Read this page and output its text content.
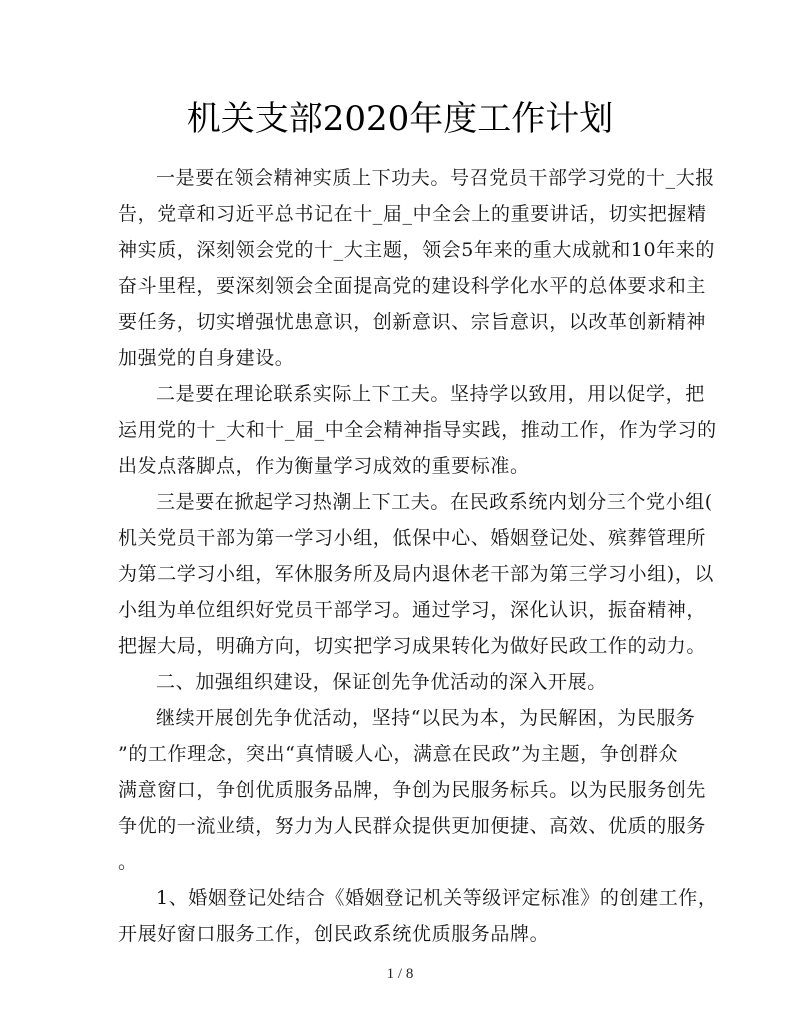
机关支部2020年度工作计划
一是要在领会精神实质上下功夫。号召党员干部学习党的十_大报
告，党章和习近平总书记在十_届_中全会上的重要讲话，切实把握精
神实质，深刻领会党的十_大主题，领会5年来的重大成就和10年来的
奋斗里程，要深刻领会全面提高党的建设科学化水平的总体要求和主
要任务，切实增强忧患意识，创新意识、宗旨意识，以改革创新精神
加强党的自身建设。
二是要在理论联系实际上下工夫。坚持学以致用，用以促学，把
运用党的十_大和十_届_中全会精神指导实践，推动工作，作为学习的
出发点落脚点，作为衡量学习成效的重要标准。
三是要在掀起学习热潮上下工夫。在民政系统内划分三个党小组(
机关党员干部为第一学习小组，低保中心、婚姻登记处、殡葬管理所
为第二学习小组，军休服务所及局内退休老干部为第三学习小组)，以
小组为单位组织好党员干部学习。通过学习，深化认识，振奋精神，
把握大局，明确方向，切实把学习成果转化为做好民政工作的动力。
二、加强组织建设，保证创先争优活动的深入开展。
继续开展创先争优活动，坚持“以民为本，为民解困，为民服务
”的工作理念，突出“真情暖人心，满意在民政”为主题，争创群众
满意窗口，争创优质服务品牌，争创为民服务标兵。以为民服务创先
争优的一流业绩，努力为人民群众提供更加便捷、高效、优质的服务
。
1、婚姻登记处结合《婚姻登记机关等级评定标准》的创建工作，
开展好窗口服务工作，创民政系统优质服务品牌。
1 / 8
